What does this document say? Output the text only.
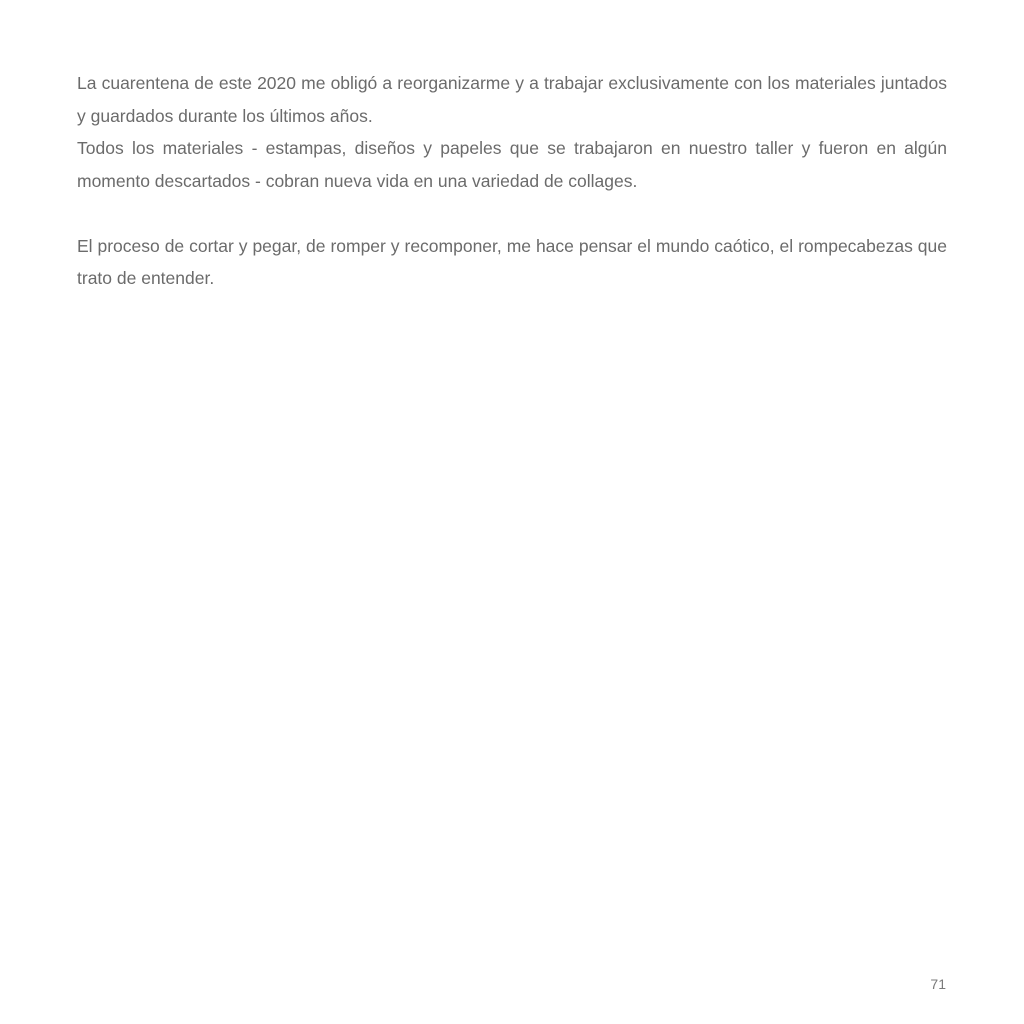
La cuarentena de este 2020 me obligó a reorganizarme y a trabajar exclusivamente con los materiales juntados y guardados durante los últimos años.

Todos los materiales - estampas, diseños y papeles que se trabajaron en nuestro taller y fueron en algún momento descartados - cobran nueva vida en una variedad de collages.

El proceso de cortar y pegar, de romper y recomponer, me hace pensar el mundo caótico, el rompecabezas que trato de entender.

71
